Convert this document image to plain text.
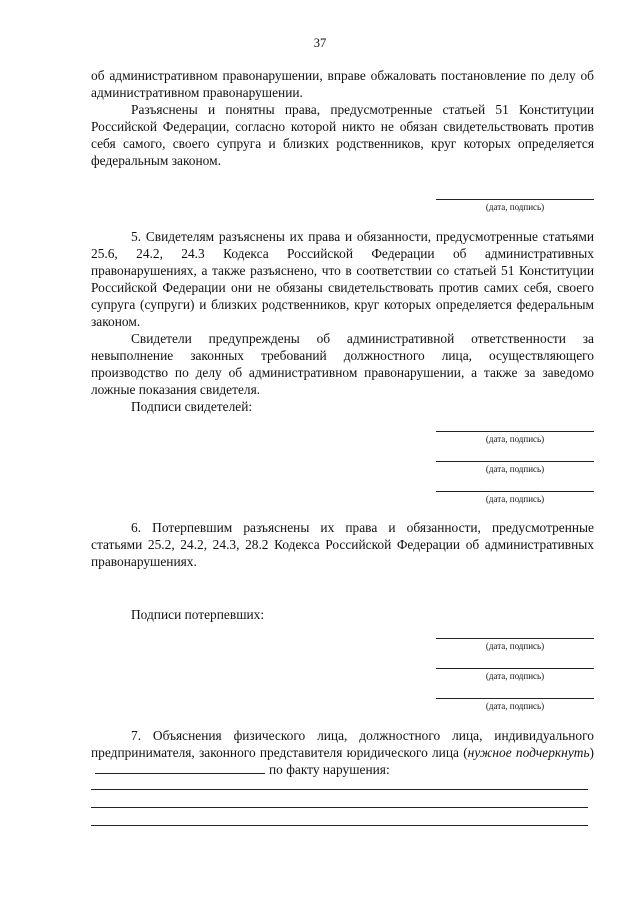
37

об административном правонарушении, вправе обжаловать постановление по делу об административном правонарушении.

Разъяснены и понятны права, предусмотренные статьей 51 Конституции Российской Федерации, согласно которой никто не обязан свидетельствовать против себя самого, своего супруга и близких родственников, круг которых определяется федеральным законом.

(дата, подпись)

5. Свидетелям разъяснены их права и обязанности, предусмотренные статьями 25.6, 24.2, 24.3 Кодекса Российской Федерации об административных правонарушениях, а также разъяснено, что в соответствии со статьей 51 Конституции Российской Федерации они не обязаны свидетельствовать против самих себя, своего супруга (супруги) и близких родственников, круг которых определяется федеральным законом.

Свидетели предупреждены об административной ответственности за невыполнение законных требований должностного лица, осуществляющего производство по делу об административном правонарушении, а также за заведомо ложные показания свидетеля.

Подписи свидетелей:

(дата, подпись)
(дата, подпись)
(дата, подпись)

6. Потерпевшим разъяснены их права и обязанности, предусмотренные статьями 25.2, 24.2, 24.3, 28.2 Кодекса Российской Федерации об административных правонарушениях.

Подписи потерпевших:

(дата, подпись)
(дата, подпись)
(дата, подпись)

7. Объяснения физического лица, должностного лица, индивидуального предпринимателя, законного представителя юридического лица (нужное подчеркнуть)по факту нарушения:
